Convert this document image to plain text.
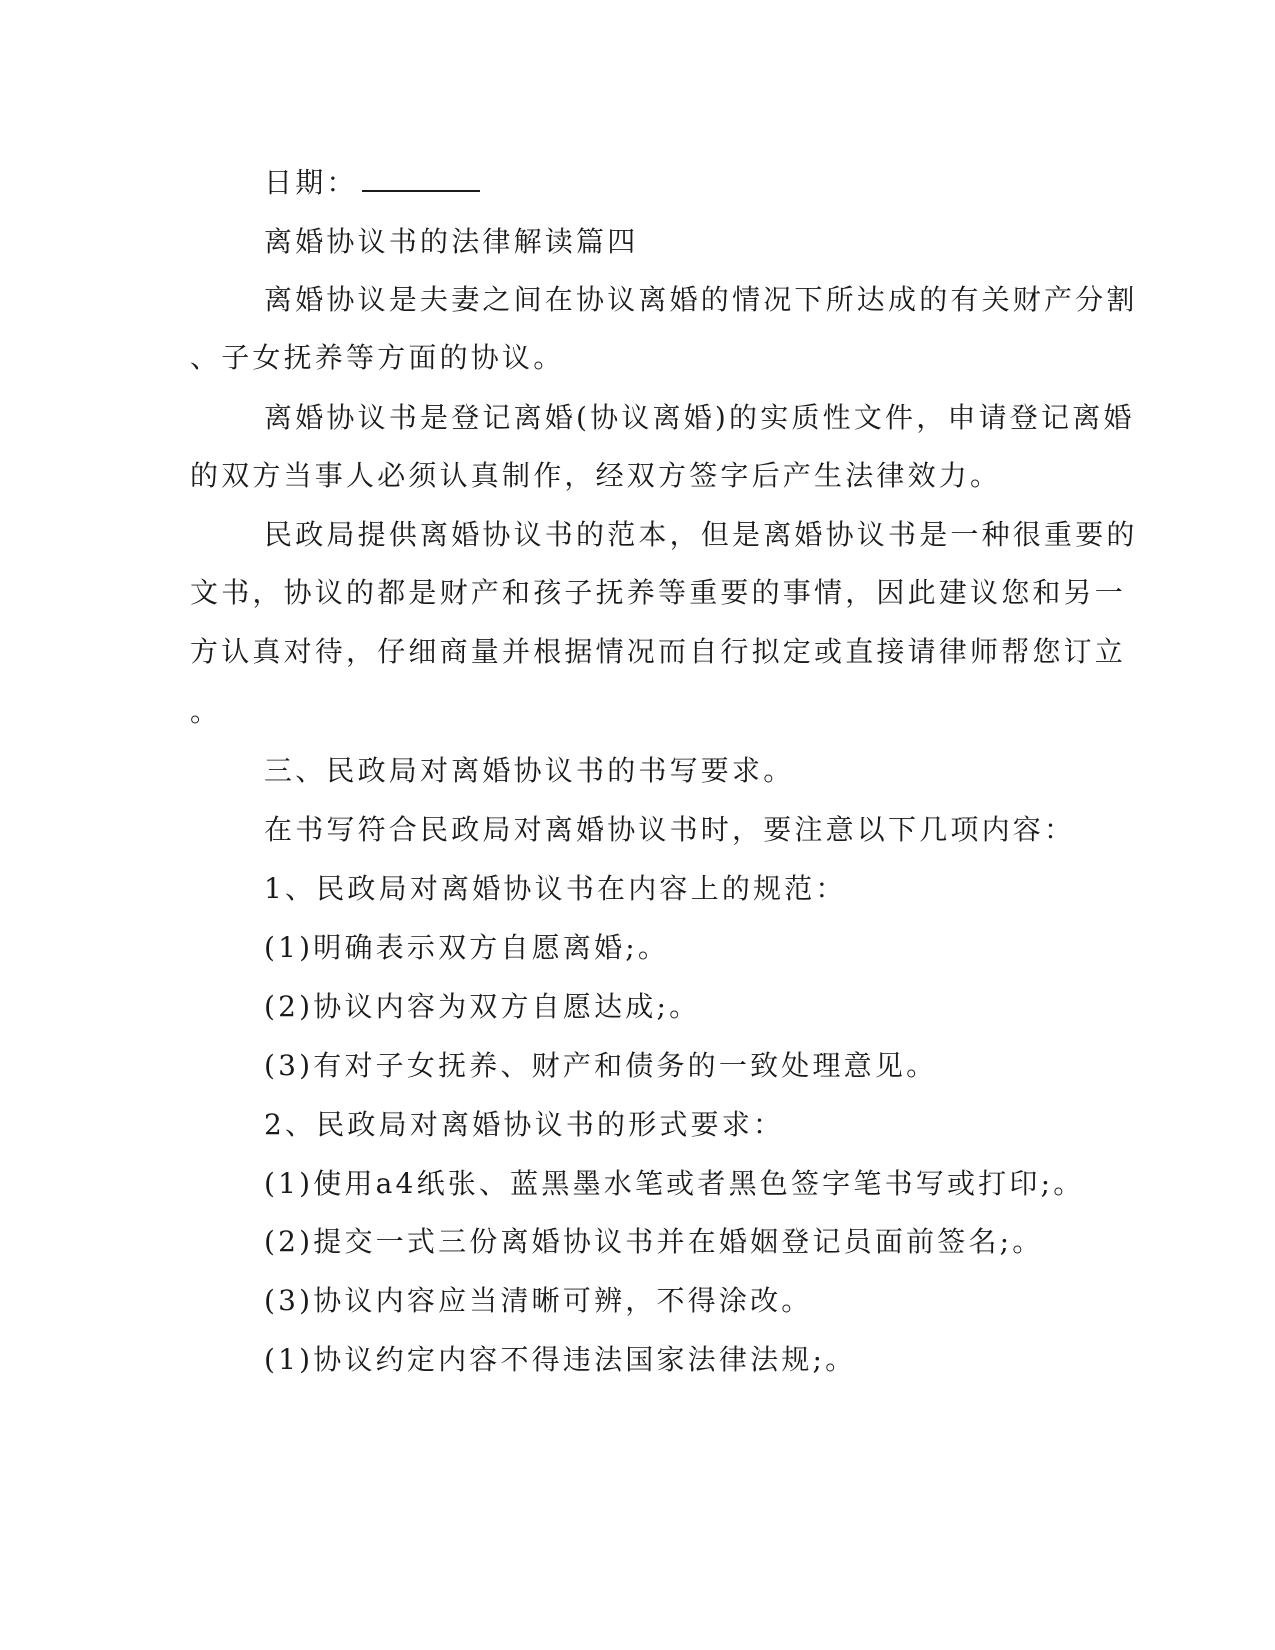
日期：
离婚协议书的法律解读篇四
离婚协议是夫妻之间在协议离婚的情况下所达成的有关财产分割
、子女抚养等方面的协议。
离婚协议书是登记离婚(协议离婚)的实质性文件，申请登记离婚
的双方当事人必须认真制作，经双方签字后产生法律效力。
民政局提供离婚协议书的范本，但是离婚协议书是一种很重要的
文书，协议的都是财产和孩子抚养等重要的事情，因此建议您和另一
方认真对待，仔细商量并根据情况而自行拟定或直接请律师帮您订立
。
三、民政局对离婚协议书的书写要求。
在书写符合民政局对离婚协议书时，要注意以下几项内容：
1、民政局对离婚协议书在内容上的规范：
(1)明确表示双方自愿离婚;。
(2)协议内容为双方自愿达成;。
(3)有对子女抚养、财产和债务的一致处理意见。
2、民政局对离婚协议书的形式要求：
(1)使用a4纸张、蓝黑墨水笔或者黑色签字笔书写或打印;。
(2)提交一式三份离婚协议书并在婚姻登记员面前签名;。
(3)协议内容应当清晰可辨，不得涂改。
(1)协议约定内容不得违法国家法律法规;。
